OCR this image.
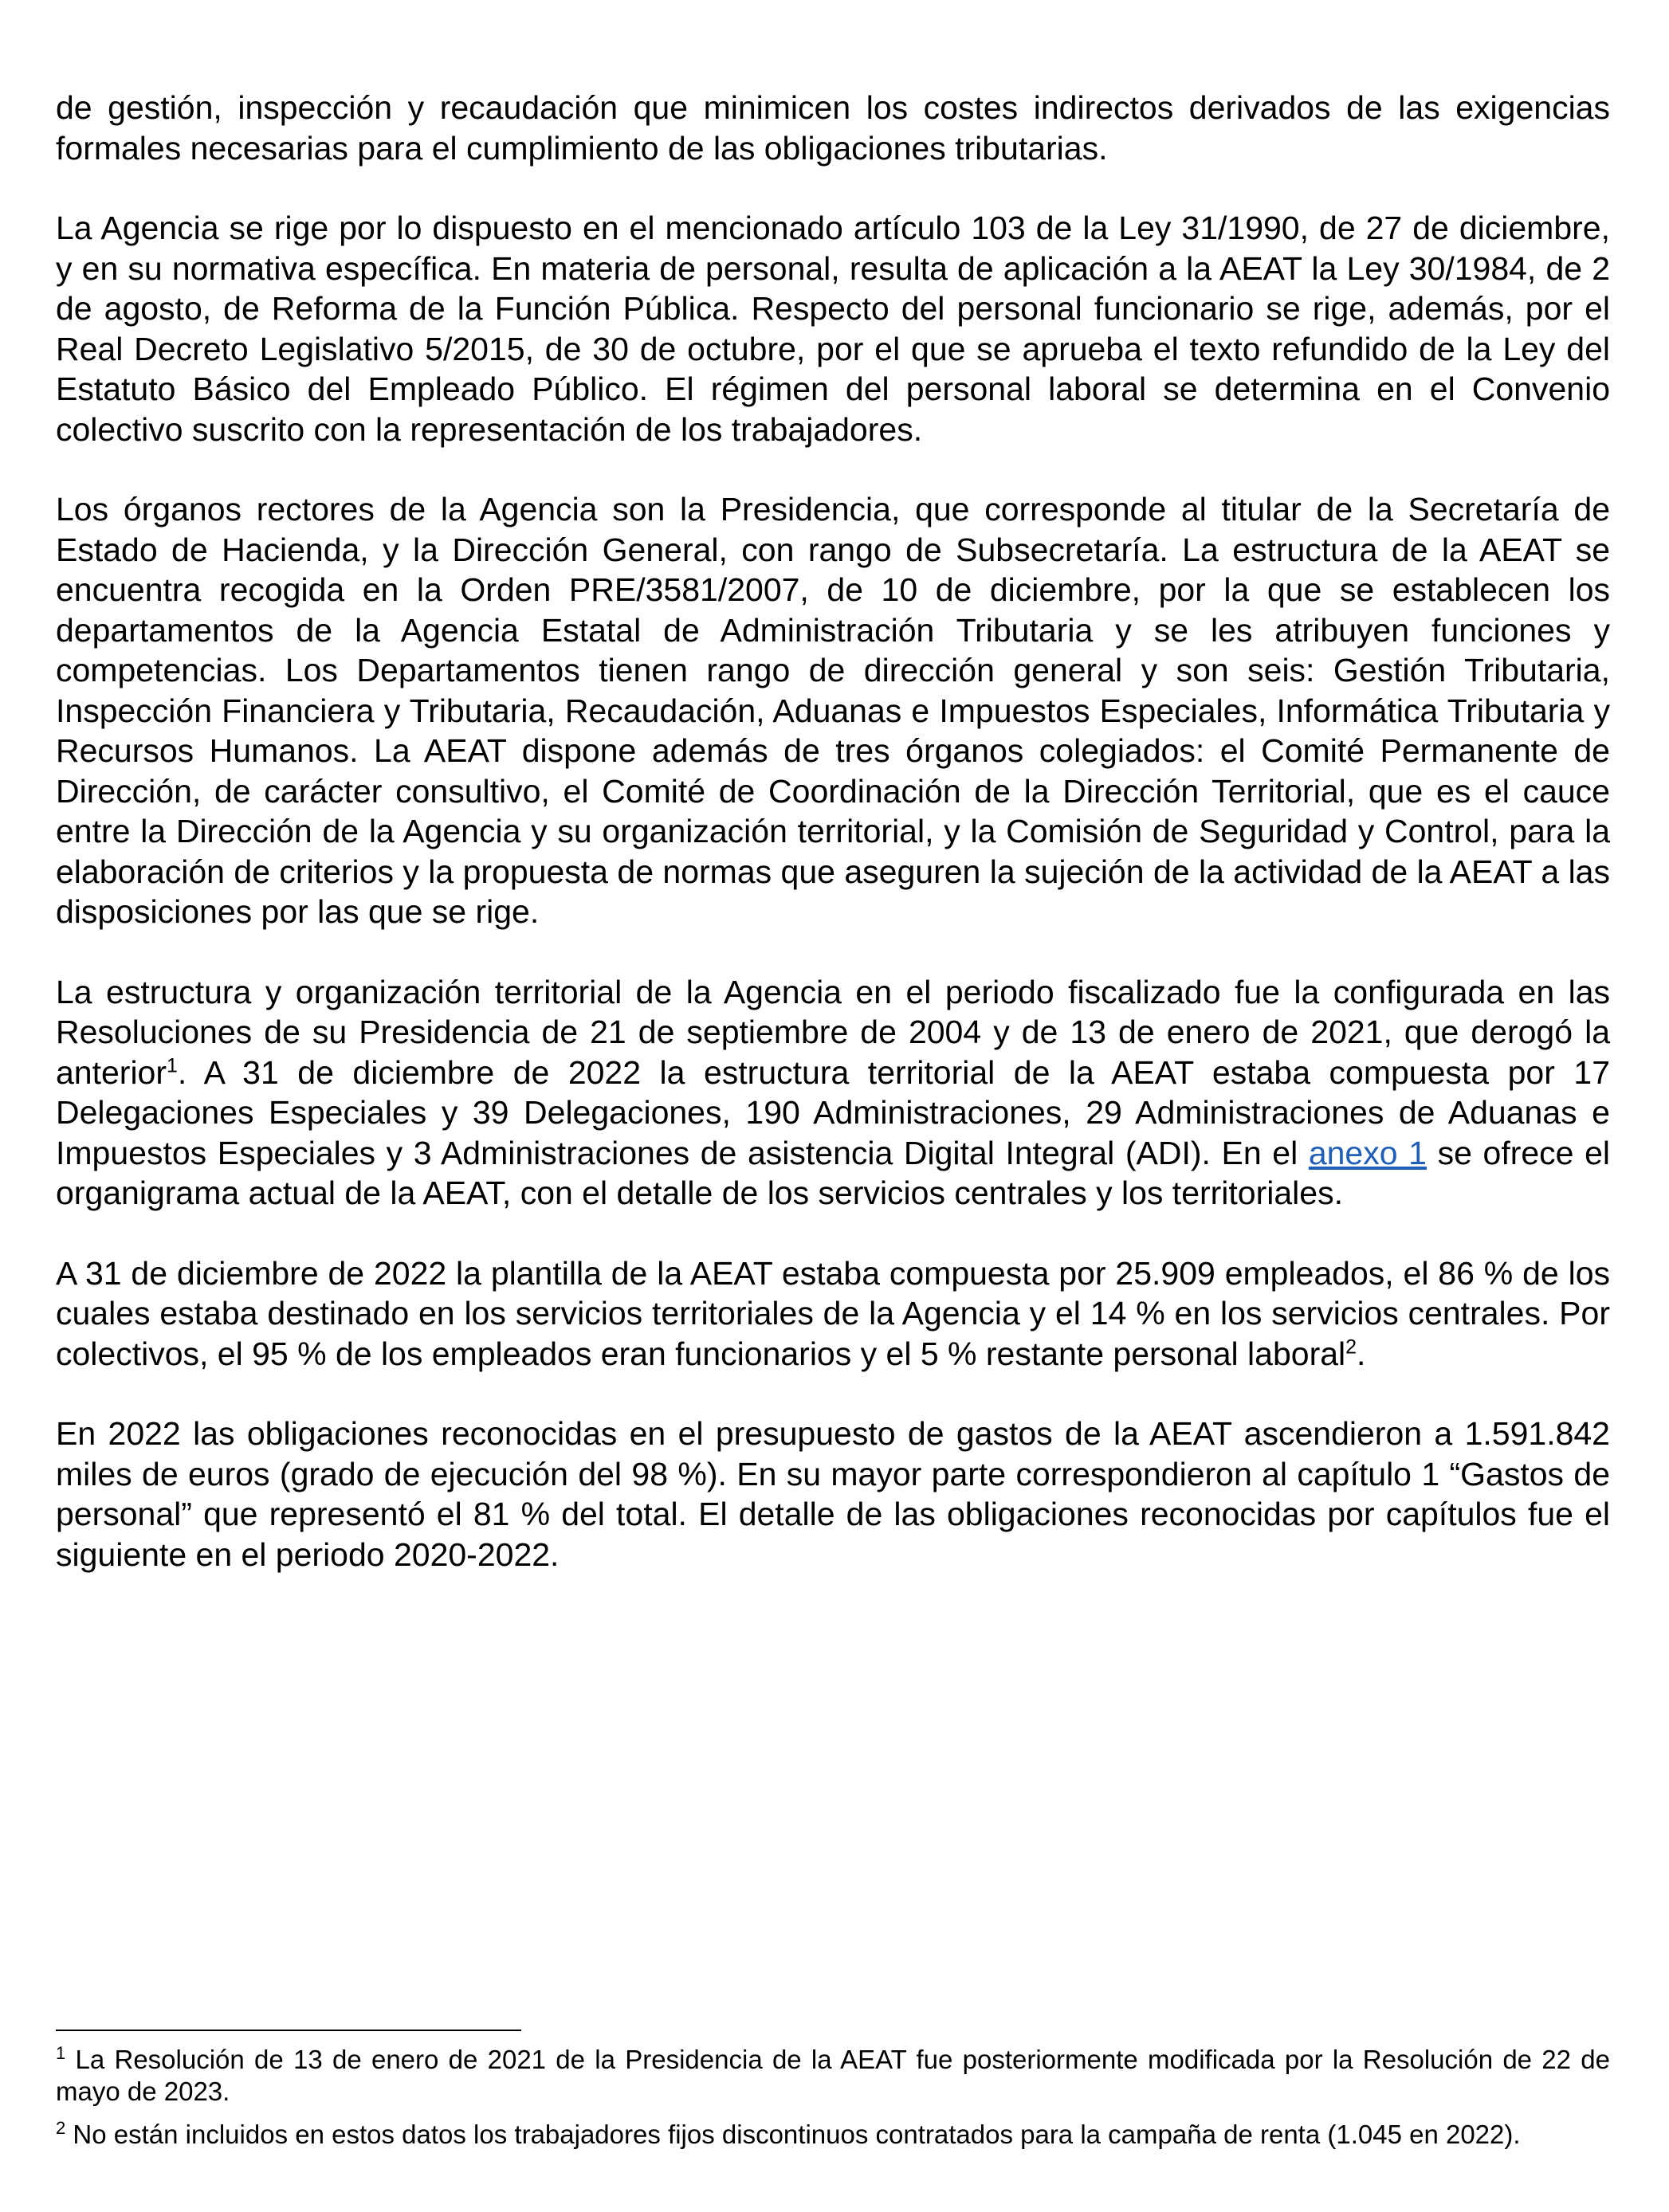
de gestión, inspección y recaudación que minimicen los costes indirectos derivados de las exigencias formales necesarias para el cumplimiento de las obligaciones tributarias.

La Agencia se rige por lo dispuesto en el mencionado artículo 103 de la Ley 31/1990, de 27 de diciembre, y en su normativa específica. En materia de personal, resulta de aplicación a la AEAT la Ley 30/1984, de 2 de agosto, de Reforma de la Función Pública. Respecto del personal funcionario se rige, además, por el Real Decreto Legislativo 5/2015, de 30 de octubre, por el que se aprueba el texto refundido de la Ley del Estatuto Básico del Empleado Público. El régimen del personal laboral se determina en el Convenio colectivo suscrito con la representación de los trabajadores.

Los órganos rectores de la Agencia son la Presidencia, que corresponde al titular de la Secretaría de Estado de Hacienda, y la Dirección General, con rango de Subsecretaría. La estructura de la AEAT se encuentra recogida en la Orden PRE/3581/2007, de 10 de diciembre, por la que se establecen los departamentos de la Agencia Estatal de Administración Tributaria y se les atribuyen funciones y competencias. Los Departamentos tienen rango de dirección general y son seis: Gestión Tributaria, Inspección Financiera y Tributaria, Recaudación, Aduanas e Impuestos Especiales, Informática Tributaria y Recursos Humanos. La AEAT dispone además de tres órganos colegiados: el Comité Permanente de Dirección, de carácter consultivo, el Comité de Coordinación de la Dirección Territorial, que es el cauce entre la Dirección de la Agencia y su organización territorial, y la Comisión de Seguridad y Control, para la elaboración de criterios y la propuesta de normas que aseguren la sujeción de la actividad de la AEAT a las disposiciones por las que se rige.

La estructura y organización territorial de la Agencia en el periodo fiscalizado fue la configurada en las Resoluciones de su Presidencia de 21 de septiembre de 2004 y de 13 de enero de 2021, que derogó la anterior$^1$. A 31 de diciembre de 2022 la estructura territorial de la AEAT estaba compuesta por 17 Delegaciones Especiales y 39 Delegaciones, 190 Administraciones, 29 Administraciones de Aduanas e Impuestos Especiales y 3 Administraciones de asistencia Digital Integral (ADI). En el anexo 1 se ofrece el organigrama actual de la AEAT, con el detalle de los servicios centrales y los territoriales.

A 31 de diciembre de 2022 la plantilla de la AEAT estaba compuesta por 25.909 empleados, el 86 % de los cuales estaba destinado en los servicios territoriales de la Agencia y el 14 % en los servicios centrales. Por colectivos, el 95 % de los empleados eran funcionarios y el 5 % restante personal laboral$^2$.

En 2022 las obligaciones reconocidas en el presupuesto de gastos de la AEAT ascendieron a 1.591.842 miles de euros (grado de ejecución del 98 %). En su mayor parte correspondieron al capítulo 1 “Gastos de personal” que representó el 81 % del total. El detalle de las obligaciones reconocidas por capítulos fue el siguiente en el periodo 2020-2022.

$^1$ La Resolución de 13 de enero de 2021 de la Presidencia de la AEAT fue posteriormente modificada por la Resolución de 22 de mayo de 2023.

$^2$ No están incluidos en estos datos los trabajadores fijos discontinuos contratados para la campaña de renta (1.045 en 2022).
